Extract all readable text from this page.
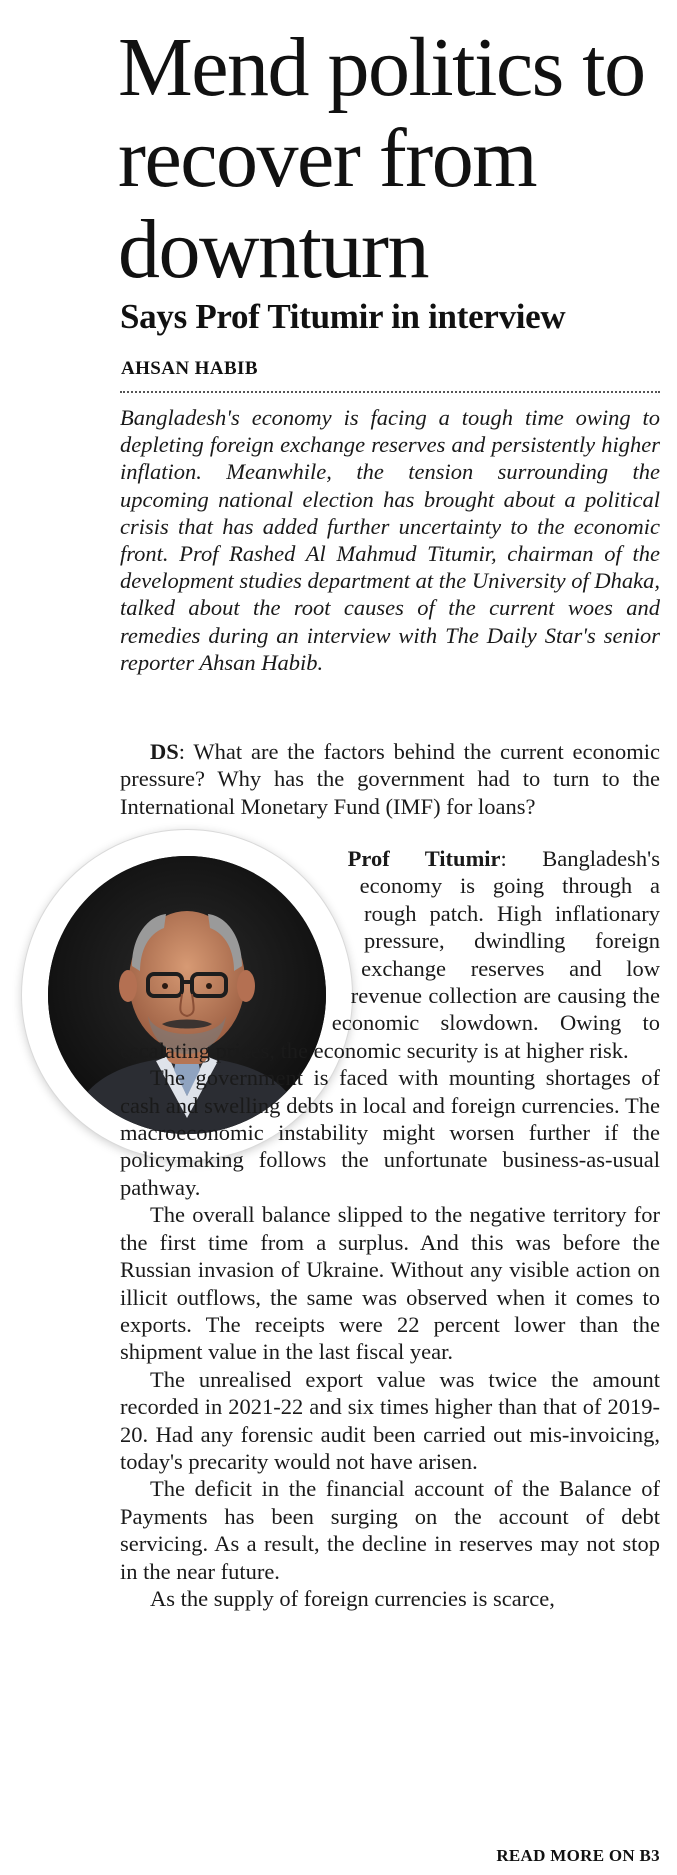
Mend politics to recover from downturn
Says Prof Titumir in interview

AHSAN HABIB

Bangladesh's economy is facing a tough time owing to depleting foreign exchange reserves and persistently higher inflation. Meanwhile, the tension surrounding the upcoming national election has brought about a political crisis that has added further uncertainty to the economic front. Prof Rashed Al Mahmud Titumir, chairman of the development studies department at the University of Dhaka, talked about the root causes of the current woes and remedies during an interview with The Daily Star's senior reporter Ahsan Habib.

DS: What are the factors behind the current economic pressure? Why has the government had to turn to the International Monetary Fund (IMF) for loans?

Prof Titumir: Bangladesh's economy is going through a rough patch. High inflationary pressure, dwindling foreign exchange reserves and low revenue collection are causing the economic slowdown. Owing to escalating prices, the economic security is at higher risk.

The government is faced with mounting shortages of cash and swelling debts in local and foreign currencies. The macroeconomic instability might worsen further if the policymaking follows the unfortunate business-as-usual pathway.

The overall balance slipped to the negative territory for the first time from a surplus. And this was before the Russian invasion of Ukraine. Without any visible action on illicit outflows, the same was observed when it comes to exports. The receipts were 22 percent lower than the shipment value in the last fiscal year.

The unrealised export value was twice the amount recorded in 2021-22 and six times higher than that of 2019-20. Had any forensic audit been carried out mis-invoicing, today's precarity would not have arisen.

The deficit in the financial account of the Balance of Payments has been surging on the account of debt servicing. As a result, the decline in reserves may not stop in the near future.

As the supply of foreign currencies is scarce,

READ MORE ON B3
